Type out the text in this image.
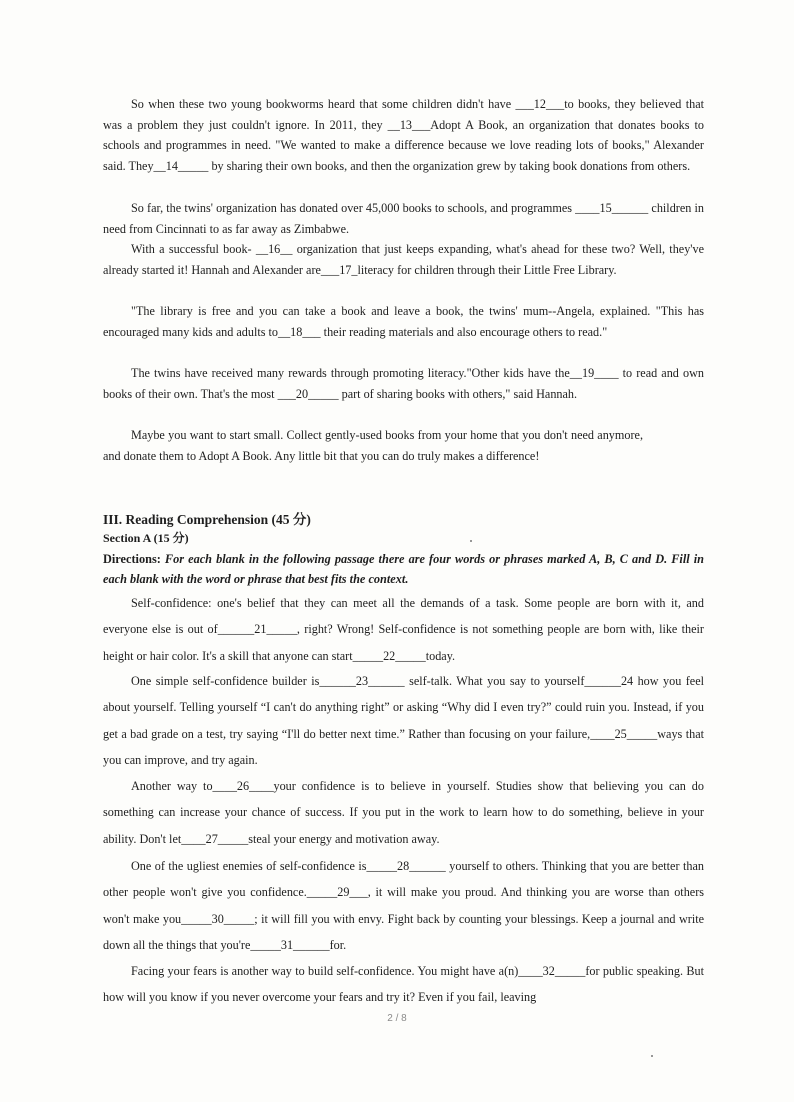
So when these two young bookworms heard that some children didn't have ___12___to books, they believed that was a problem they just couldn't ignore. In 2011, they __13___Adopt A Book, an organization that donates books to schools and programmes in need. "We wanted to make a difference because we love reading lots of books," Alexander said. They__14_____ by sharing their own books, and then the organization grew by taking book donations from others.

So far, the twins' organization has donated over 45,000 books to schools, and programmes ____15______ children in need from Cincinnati to as far away as Zimbabwe.

With a successful book- __16__ organization that just keeps expanding, what's ahead for these two? Well, they've already started it! Hannah and Alexander are___17_literacy for children through their Little Free Library.

"The library is free and you can take a book and leave a book, the twins' mum--Angela, explained. "This has encouraged many kids and adults to__18___ their reading materials and also encourage others to read."

The twins have received many rewards through promoting literacy."Other kids have the__19____ to read and own books of their own. That's the most ___20_____ part of sharing books with others," said Hannah.

Maybe you want to start small. Collect gently-used books from your home that you don't need anymore, and donate them to Adopt A Book. Any little bit that you can do truly makes a difference!

III. Reading Comprehension (45 分)
Section A (15 分)

Directions: For each blank in the following passage there are four words or phrases marked A, B, C and D. Fill in each blank with the word or phrase that best fits the context.

Self-confidence: one's belief that they can meet all the demands of a task. Some people are born with it, and everyone else is out of______21_____, right? Wrong! Self-confidence is not something people are born with, like their height or hair color. It's a skill that anyone can start_____22_____today.

One simple self-confidence builder is______23______ self-talk. What you say to yourself______24 how you feel about yourself. Telling yourself “I can't do anything right” or asking “Why did I even try?” could ruin you. Instead, if you get a bad grade on a test, try saying “I'll do better next time.” Rather than focusing on your failure,____25_____ways that you can improve, and try again.

Another way to____26____your confidence is to believe in yourself. Studies show that believing you can do something can increase your chance of success. If you put in the work to learn how to do something, believe in your ability. Don't let____27_____steal your energy and motivation away.

One of the ugliest enemies of self-confidence is_____28______ yourself to others. Thinking that you are better than other people won't give you confidence._____29___, it will make you proud. And thinking you are worse than others won't make you_____30_____; it will fill you with envy. Fight back by counting your blessings. Keep a journal and write down all the things that you're_____31______for.

Facing your fears is another way to build self-confidence. You might have a(n)____32_____for public speaking. But how will you know if you never overcome your fears and try it? Even if you fail, leaving

2 / 8
